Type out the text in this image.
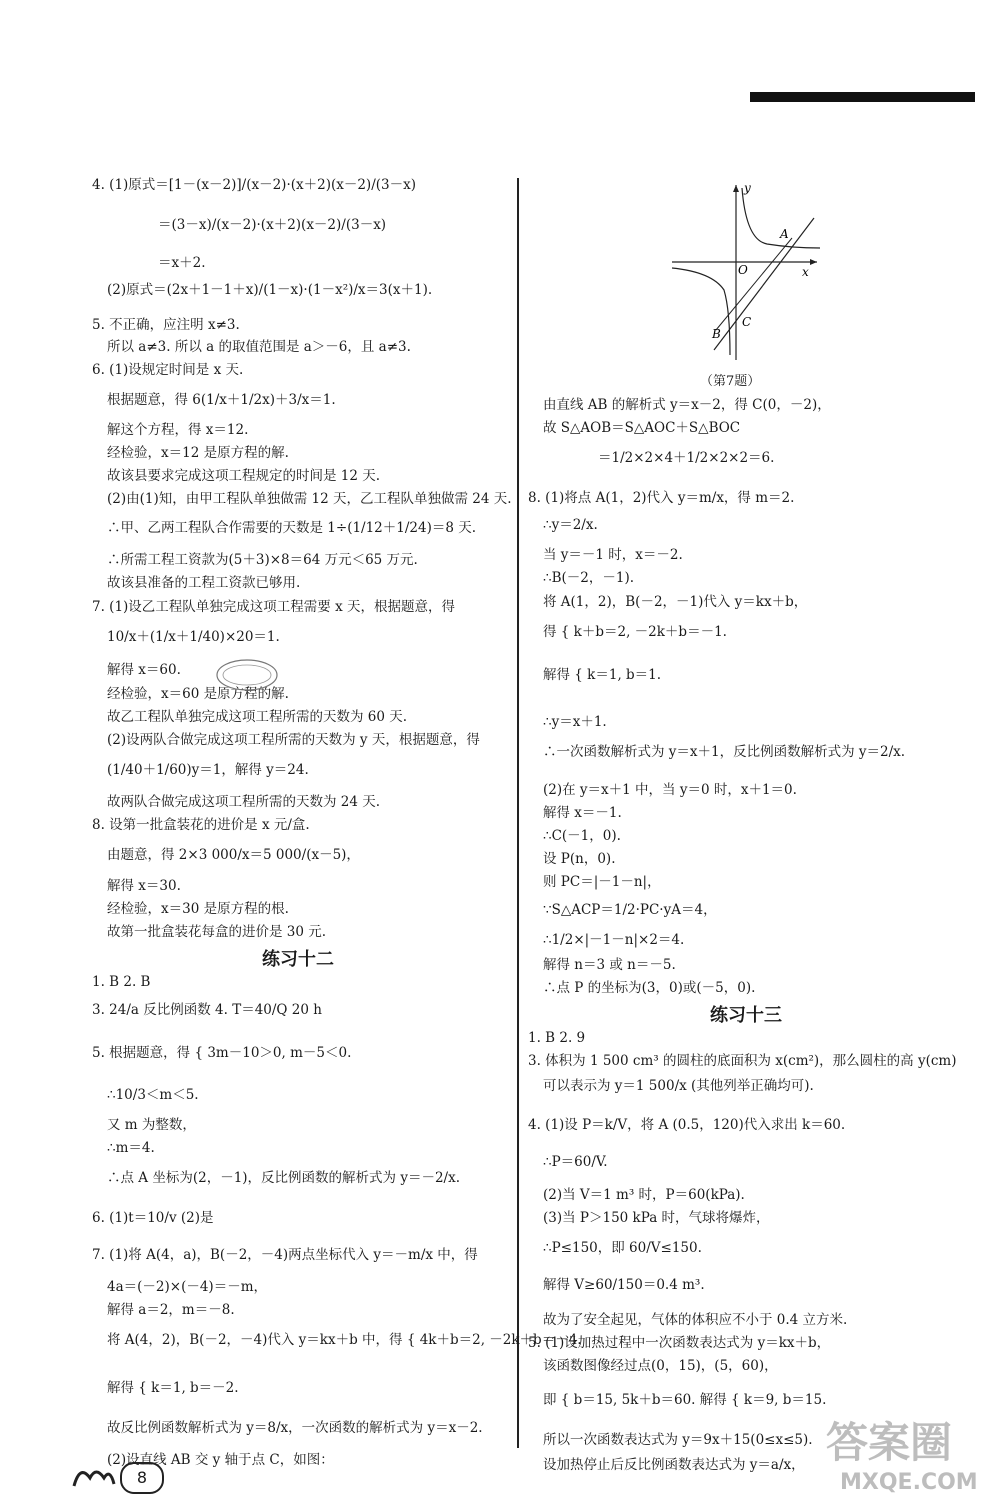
4. (1)原式＝[1－(x－2)]/(x－2)·(x＋2)(x－2)/(3－x)
＝(3－x)/(x－2)·(x＋2)(x－2)/(3－x)
＝x＋2.
(2)原式＝(2x＋1－1＋x)/(1－x)·(1－x²)/x＝3(x＋1).
5. 不正确，应注明 x≠3.
所以 a≠3. 所以 a 的取值范围是 a＞－6，且 a≠3.
6. (1)设规定时间是 x 天.
根据题意，得 6(1/x＋1/2x)＋3/x＝1.
解这个方程，得 x＝12.
经检验，x＝12 是原方程的解.
故该县要求完成这项工程规定的时间是 12 天.
(2)由(1)知，由甲工程队单独做需 12 天，乙工程队单独做需 24 天.
∴甲、乙两工程队合作需要的天数是 1÷(1/12＋1/24)＝8 天.
∴所需工程工资款为(5＋3)×8＝64 万元＜65 万元.
故该县准备的工程工资款已够用.
7. (1)设乙工程队单独完成这项工程需要 x 天，根据题意，得
10/x＋(1/x＋1/40)×20＝1.
解得 x＝60.
经检验，x＝60 是原方程的解.
故乙工程队单独完成这项工程所需的天数为 60 天.
(2)设两队合做完成这项工程所需的天数为 y 天，根据题意，得
(1/40＋1/60)y＝1，解得 y＝24.
故两队合做完成这项工程所需的天数为 24 天.
8. 设第一批盒装花的进价是 x 元/盒.
由题意，得 2×3 000/x＝5 000/(x－5)，
解得 x＝30.
经检验，x＝30 是原方程的根.
故第一批盒装花每盒的进价是 30 元.
练习十二
1. B 2. B
3. 24/a 反比例函数 4. T＝40/Q 20 h
5. 根据题意，得 { 3m－10＞0, m－5＜0.
∴10/3＜m＜5.
又 m 为整数，
∴m＝4.
∴点 A 坐标为(2，－1)，反比例函数的解析式为 y＝－2/x.
6. (1)t＝10/v (2)是
7. (1)将 A(4，a)，B(－2，－4)两点坐标代入 y＝－m/x 中，得
4a＝(－2)×(－4)＝－m，
解得 a＝2，m＝－8.
将 A(4，2)，B(－2，－4)代入 y＝kx＋b 中，得 { 4k＋b＝2, －2k＋b＝－4.
解得 { k＝1, b＝－2.
故反比例函数解析式为 y＝8/x，一次函数的解析式为 y＝x－2.
(2)设直线 AB 交 y 轴于点 C，如图：
y
x
A
O
B
C
（第7题）
由直线 AB 的解析式 y＝x－2，得 C(0，－2)，
故 S△AOB＝S△AOC＋S△BOC
＝1/2×2×4＋1/2×2×2＝6.
8. (1)将点 A(1，2)代入 y＝m/x，得 m＝2.
∴y＝2/x.
当 y＝－1 时，x＝－2.
∴B(－2，－1).
将 A(1，2)，B(－2，－1)代入 y＝kx＋b，
得 { k＋b＝2, －2k＋b＝－1.
解得 { k＝1, b＝1.
∴y＝x＋1.
∴一次函数解析式为 y＝x＋1，反比例函数解析式为 y＝2/x.
(2)在 y＝x＋1 中，当 y＝0 时，x＋1＝0.
解得 x＝－1.
∴C(－1，0).
设 P(n，0).
则 PC＝|－1－n|，
∵S△ACP＝1/2·PC·yA＝4，
∴1/2×|－1－n|×2＝4.
解得 n＝3 或 n＝－5.
∴点 P 的坐标为(3，0)或(－5，0).
练习十三
1. B 2. 9
3. 体积为 1 500 cm³ 的圆柱的底面积为 x(cm²)，那么圆柱的高 y(cm)
可以表示为 y＝1 500/x (其他列举正确均可).
4. (1)设 P＝k/V，将 A (0.5，120)代入求出 k＝60.
∴P＝60/V.
(2)当 V＝1 m³ 时，P＝60(kPa).
(3)当 P＞150 kPa 时，气球将爆炸，
∴P≤150，即 60/V≤150.
解得 V≥60/150＝0.4 m³.
故为了安全起见，气体的体积应不小于 0.4 立方米.
5. (1)设加热过程中一次函数表达式为 y＝kx＋b，
该函数图像经过点(0，15)，(5，60)，
即 { b＝15, 5k＋b＝60. 解得 { k＝9, b＝15.
所以一次函数表达式为 y＝9x＋15(0≤x≤5).
设加热停止后反比例函数表达式为 y＝a/x，
8
答案圈
MXQE.COM
